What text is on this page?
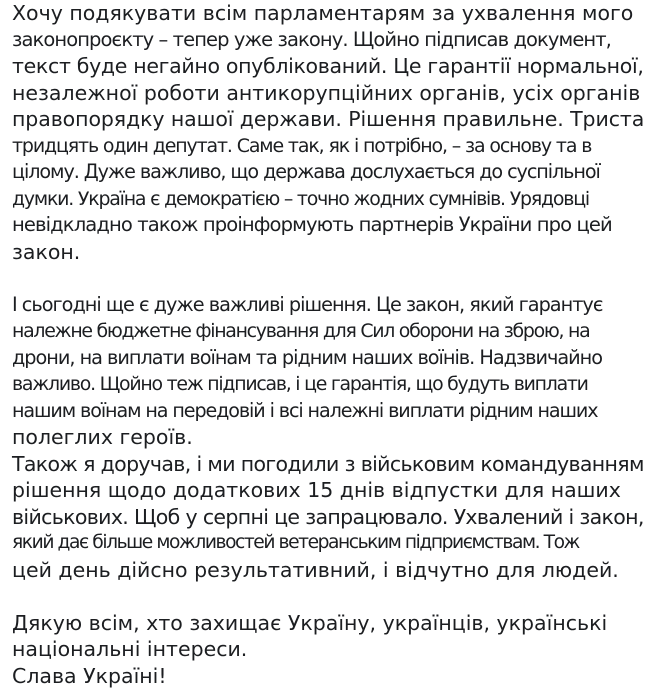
Хочу подякувати всім парламентарям за ухвалення мого
законопроєкту – тепер уже закону. Щойно підписав документ,
текст буде негайно опублікований. Це гарантії нормальної,
незалежної роботи антикорупційних органів, усіх органів
правопорядку нашої держави. Рішення правильне. Триста
тридцять один депутат. Саме так, як і потрібно, – за основу та в
цілому. Дуже важливо, що держава дослухається до суспільної
думки. Україна є демократією – точно жодних сумнівів. Урядовці
невідкладно також проінформують партнерів України про цей
закон.
І сьогодні ще є дуже важливі рішення. Це закон, який гарантує
належне бюджетне фінансування для Сил оборони на зброю, на
дрони, на виплати воїнам та рідним наших воїнів. Надзвичайно
важливо. Щойно теж підписав, і це гарантія, що будуть виплати
нашим воїнам на передовій і всі належні виплати рідним наших
полеглих героїв.
Також я доручав, і ми погодили з військовим командуванням
рішення щодо додаткових 15 днів відпустки для наших
військових. Щоб у серпні це запрацювало. Ухвалений і закон,
який дає більше можливостей ветеранським підприємствам. Тож
цей день дійсно результативний, і відчутно для людей.
Дякую всім, хто захищає Україну, українців, українські
національні інтереси.
Слава Україні!
